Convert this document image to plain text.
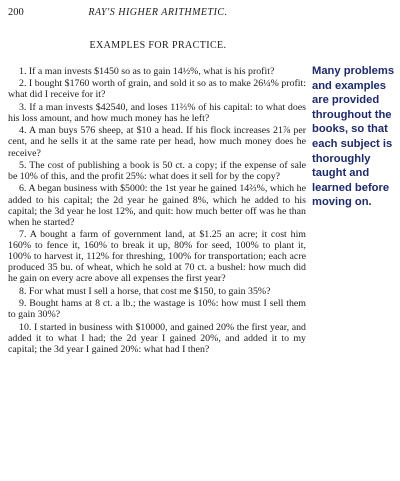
200	RAY'S HIGHER ARITHMETIC.
EXAMPLES FOR PRACTICE.

1. If a man invests $1450 so as to gain 14½%, what is his profit?

2. I bought $1760 worth of grain, and sold it so as to make 26¼% profit: what did I receive for it?

3. If a man invests $42540, and loses 11⅔% of his capital: to what does his loss amount, and how much money has he left?

4. A man buys 576 sheep, at $10 a head. If his flock increases 21⅞ per cent, and he sells it at the same rate per head, how much money does he receive?

5. The cost of publishing a book is 50 ct. a copy; if the expense of sale be 10% of this, and the profit 25%: what does it sell for by the copy?

6. A began business with $5000: the 1st year he gained 14⅔%, which he added to his capital; the 2d year he gained 8%, which he added to his capital; the 3d year he lost 12%, and quit: how much better off was he than when he started?

7. A bought a farm of government land, at $1.25 an acre; it cost him 160% to fence it, 160% to break it up, 80% for seed, 100% to plant it, 100% to harvest it, 112% for threshing, 100% for transportation; each acre produced 35 bu. of wheat, which he sold at 70 ct. a bushel: how much did he gain on every acre above all expenses the first year?

8. For what must I sell a horse, that cost me $150, to gain 35%?

9. Bought hams at 8 ct. a lb.; the wastage is 10%: how must I sell them to gain 30%?

10. I started in business with $10000, and gained 20% the first year, and added it to what I had; the 2d year I gained 20%, and added it to my capital; the 3d year I gained 20%: what had I then?

Many problems and examples are provided throughout the books, so that each subject is thoroughly taught and learned before moving on.
